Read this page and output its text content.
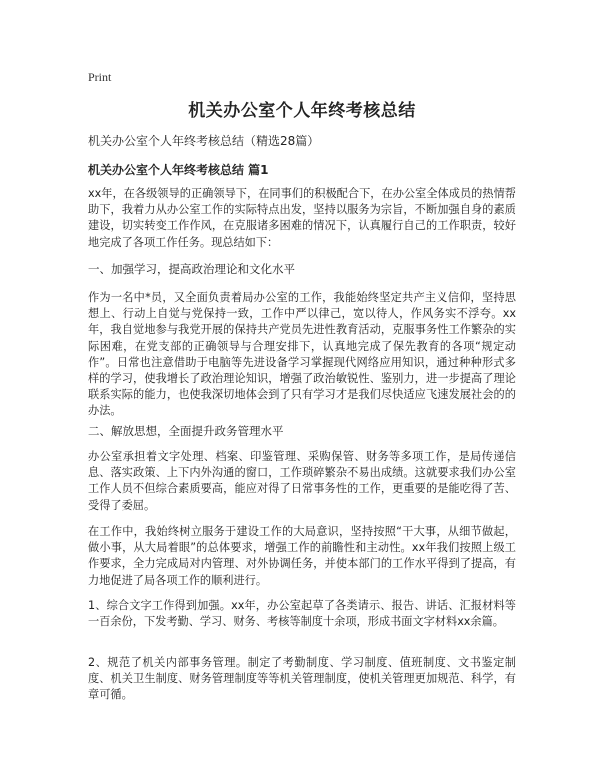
Print
机关办公室个人年终考核总结

机关办公室个人年终考核总结（精选28篇）

机关办公室个人年终考核总结 篇1

xx年，在各级领导的正确领导下，在同事们的积极配合下，在办公室全体成员的热情帮助下，我着力从办公室工作的实际特点出发，坚持以服务为宗旨，不断加强自身的素质建设，切实转变工作作风，在克服诸多困难的情况下，认真履行自己的工作职责，较好地完成了各项工作任务。现总结如下：

一、加强学习，提高政治理论和文化水平

作为一名中*员，又全面负责着局办公室的工作，我能始终坚定共产主义信仰，坚持思想上、行动上自觉与党保持一致，工作中严以律己，宽以待人，作风务实不浮夸。xx年，我自觉地参与我党开展的保持共产党员先进性教育活动，克服事务性工作繁杂的实际困难，在党支部的正确领导与合理安排下，认真地完成了保先教育的各项“规定动作”。日常也注意借助于电脑等先进设备学习掌握现代网络应用知识，通过种种形式多样的学习，使我增长了政治理论知识，增强了政治敏锐性、鉴别力，进一步提高了理论联系实际的能力，也使我深切地体会到了只有学习才是我们尽快适应飞速发展社会的的办法。

二、解放思想，全面提升政务管理水平

办公室承担着文字处理、档案、印鉴管理、采购保管、财务等多项工作，是局传递信息、落实政策、上下内外沟通的窗口，工作琐碎繁杂不易出成绩。这就要求我们办公室工作人员不但综合素质要高，能应对得了日常事务性的工作，更重要的是能吃得了苦、受得了委屈。

在工作中，我始终树立服务于建设工作的大局意识，坚持按照“干大事，从细节做起，做小事，从大局着眼”的总体要求，增强工作的前瞻性和主动性。xx年我们按照上级工作要求，全力完成局对内管理、对外协调任务，并使本部门的工作水平得到了提高，有力地促进了局各项工作的顺利进行。

1、综合文字工作得到加强。xx年，办公室起草了各类请示、报告、讲话、汇报材料等一百余份，下发考勤、学习、财务、考核等制度十余项，形成书面文字材料xx余篇。

2、规范了机关内部事务管理。制定了考勤制度、学习制度、值班制度、文书鉴定制度、机关卫生制度、财务管理制度等等机关管理制度，使机关管理更加规范、科学，有章可循。
